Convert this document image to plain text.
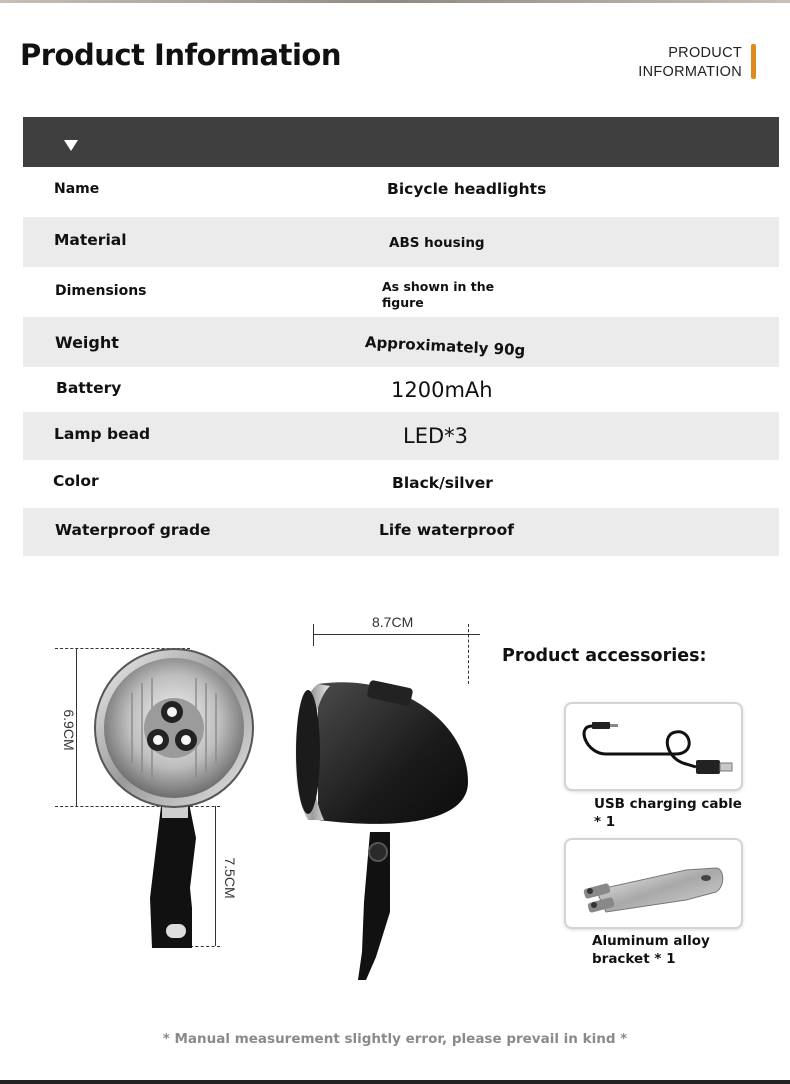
Product Information	PRODUCT
INFORMATION
Name	Bicycle headlights
Material	ABS housing
Dimensions	As shown in the
figure
Weight	Approximately 90g
Battery	1200mAh
Lamp bead	LED*3
Color	Black/silver
Waterproof grade	Life waterproof
6.9CM
7.5CM
8.7CM
Product accessories:
USB charging cable
* 1
Aluminum alloy
bracket * 1
* Manual measurement slightly error, please prevail in kind *
